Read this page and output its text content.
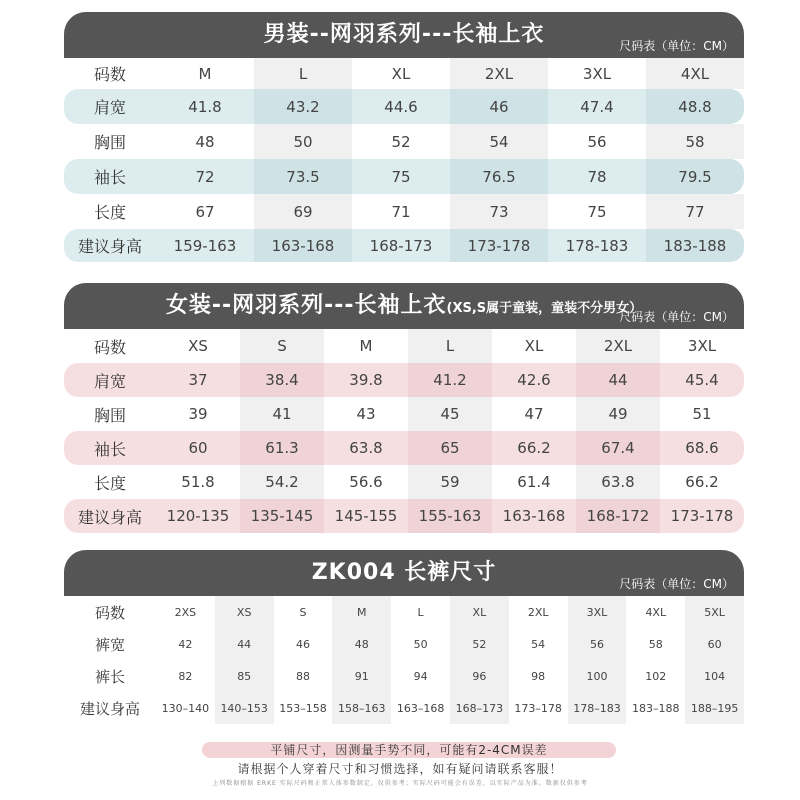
男装--网羽系列---长袖上衣	尺码表（单位：CM）
码数	M	L	XL	2XL	3XL	4XL
肩宽	41.8	43.2	44.6	46	47.4	48.8
胸围	48	50	52	54	56	58
袖长	72	73.5	75	76.5	78	79.5
长度	67	69	71	73	75	77
建议身高	159-163	163-168	168-173	173-178	178-183	183-188
女装--网羽系列---长袖上衣(XS,S属于童装，童装不分男女）
尺码表（单位：CM）
码数	XS	S	M	L	XL	2XL	3XL
肩宽	37	38.4	39.8	41.2	42.6	44	45.4
胸围	39	41	43	45	47	49	51
袖长	60	61.3	63.8	65	66.2	67.4	68.6
长度	51.8	54.2	56.6	59	61.4	63.8	66.2
建议身高	120-135	135-145	145-155	155-163	163-168	168-172	173-178
ZK004 长裤尺寸	尺码表（单位：CM）
码数	2XS	XS	S	M	L	XL	2XL	3XL	4XL	5XL
裤宽	42	44	46	48	50	52	54	56	58	60
裤长	82	85	88	91	94	96	98	100	102	104
建议身高	130–140	140–153	153–158	158–163	163–168	168–173	173–178	178–183	183–188	188–195
平铺尺寸，因测量手势不同，可能有2-4CM误差
请根据个人穿着尺寸和习惯选择，如有疑问请联系客服！
上列数据根据 ERKE 实际尺码和正常人体参数制定，仅供参考；实际尺码可能会有误差，以实际产品为准。数据仅供参考
